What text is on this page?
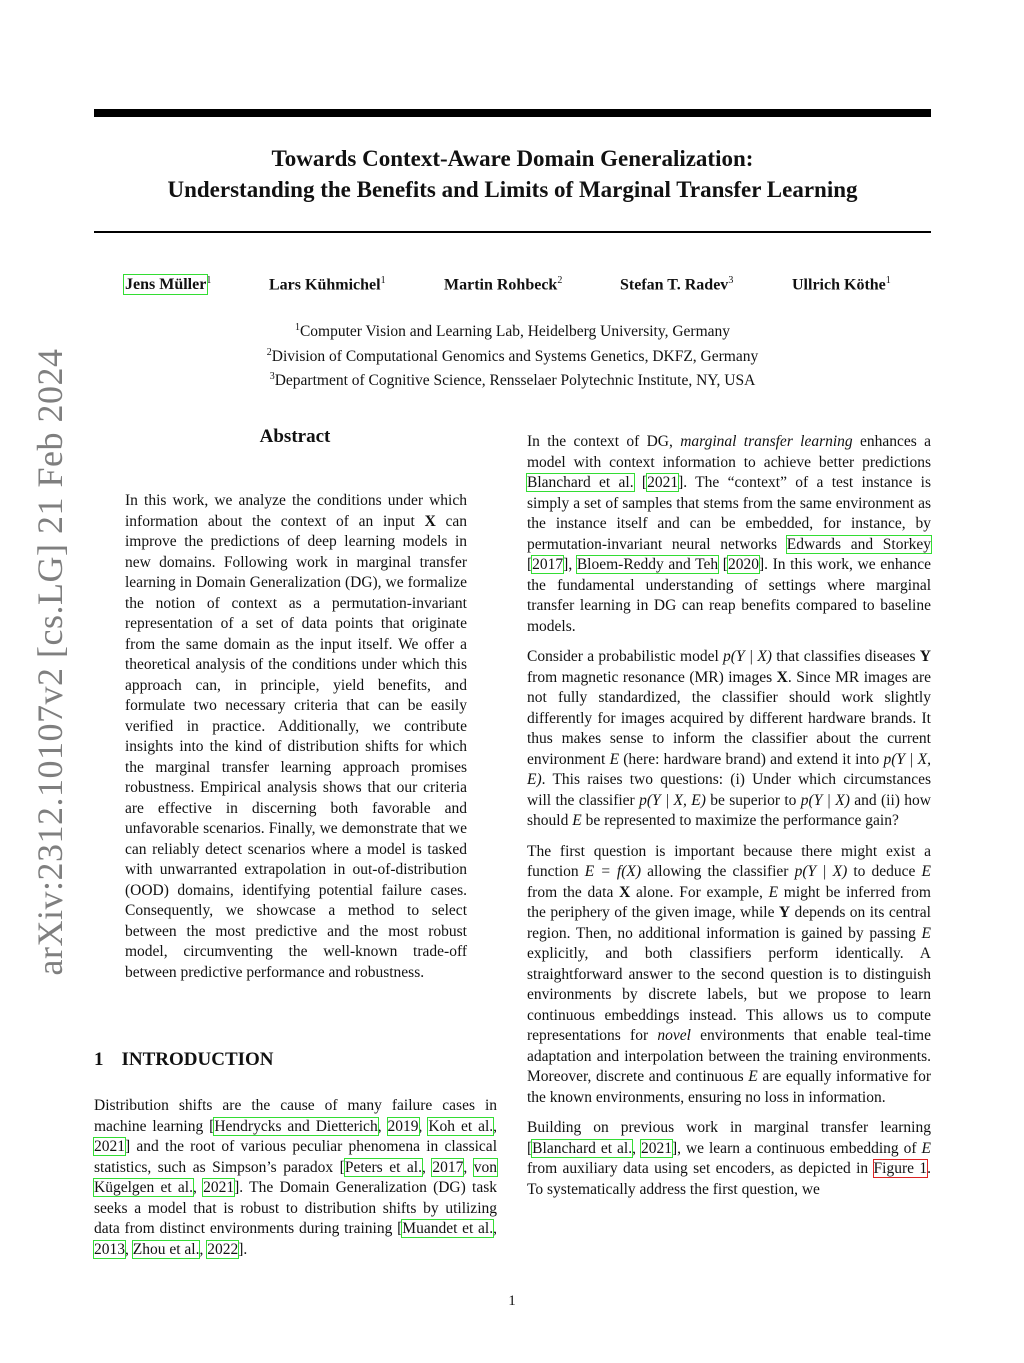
arXiv:2312.10107v2 [cs.LG] 21 Feb 2024
Towards Context-Aware Domain Generalization:
Understanding the Benefits and Limits of Marginal Transfer Learning
Jens Müller$^1$	Lars Kühmichel$^1$	Martin Rohbeck$^2$	Stefan T. Radev$^3$	Ullrich Köthe$^1$
$^1$Computer Vision and Learning Lab, Heidelberg University, Germany
$^2$Division of Computational Genomics and Systems Genetics, DKFZ, Germany
$^3$Department of Cognitive Science, Rensselaer Polytechnic Institute, NY, USA
Abstract

In this work, we analyze the conditions under which information about the context of an input X can improve the predictions of deep learning models in new domains. Following work in marginal transfer learning in Domain Generalization (DG), we formalize the notion of context as a permutation-invariant representation of a set of data points that originate from the same domain as the input itself. We offer a theoretical analysis of the conditions under which this approach can, in principle, yield benefits, and formulate two necessary criteria that can be easily verified in practice. Additionally, we contribute insights into the kind of distribution shifts for which the marginal transfer learning approach promises robustness. Empirical analysis shows that our criteria are effective in discerning both favorable and unfavorable scenarios. Finally, we demonstrate that we can reliably detect scenarios where a model is tasked with unwarranted extrapolation in out-of-distribution (OOD) domains, identifying potential failure cases. Consequently, we showcase a method to select between the most predictive and the most robust model, circumventing the well-known trade-off between predictive performance and robustness.

1 INTRODUCTION

Distribution shifts are the cause of many failure cases in machine learning [Hendrycks and Dietterich, 2019, Koh et al., 2021] and the root of various peculiar phenomena in classical statistics, such as Simpson’s paradox [Peters et al., 2017, von Kügelgen et al., 2021]. The Domain Generalization (DG) task seeks a model that is robust to distribution shifts by utilizing data from distinct environments during training [Muandet et al., 2013, Zhou et al., 2022].

In the context of DG, marginal transfer learning enhances a model with context information to achieve better predictions Blanchard et al. [2021]. The “context” of a test instance is simply a set of samples that stems from the same environment as the instance itself and can be embedded, for instance, by permutation-invariant neural networks Edwards and Storkey [2017], Bloem-Reddy and Teh [2020]. In this work, we enhance the fundamental understanding of settings where marginal transfer learning in DG can reap benefits compared to baseline models.

Consider a probabilistic model p(Y | X) that classifies diseases Y from magnetic resonance (MR) images X. Since MR images are not fully standardized, the classifier should work slightly differently for images acquired by different hardware brands. It thus makes sense to inform the classifier about the current environment E (here: hardware brand) and extend it into p(Y | X, E). This raises two questions: (i) Under which circumstances will the classifier p(Y | X, E) be superior to p(Y | X) and (ii) how should E be represented to maximize the performance gain?

The first question is important because there might exist a function E = f(X) allowing the classifier p(Y | X) to deduce E from the data X alone. For example, E might be inferred from the periphery of the given image, while Y depends on its central region. Then, no additional information is gained by passing E explicitly, and both classifiers perform identically. A straightforward answer to the second question is to distinguish environments by discrete labels, but we propose to learn continuous embeddings instead. This allows us to compute representations for novel environments that enable teal-time adaptation and interpolation between the training environments. Moreover, discrete and continuous E are equally informative for the known environments, ensuring no loss in information.

Building on previous work in marginal transfer learning [Blanchard et al., 2021], we learn a continuous embedding of E from auxiliary data using set encoders, as depicted in Figure 1. To systematically address the first question, we

1
